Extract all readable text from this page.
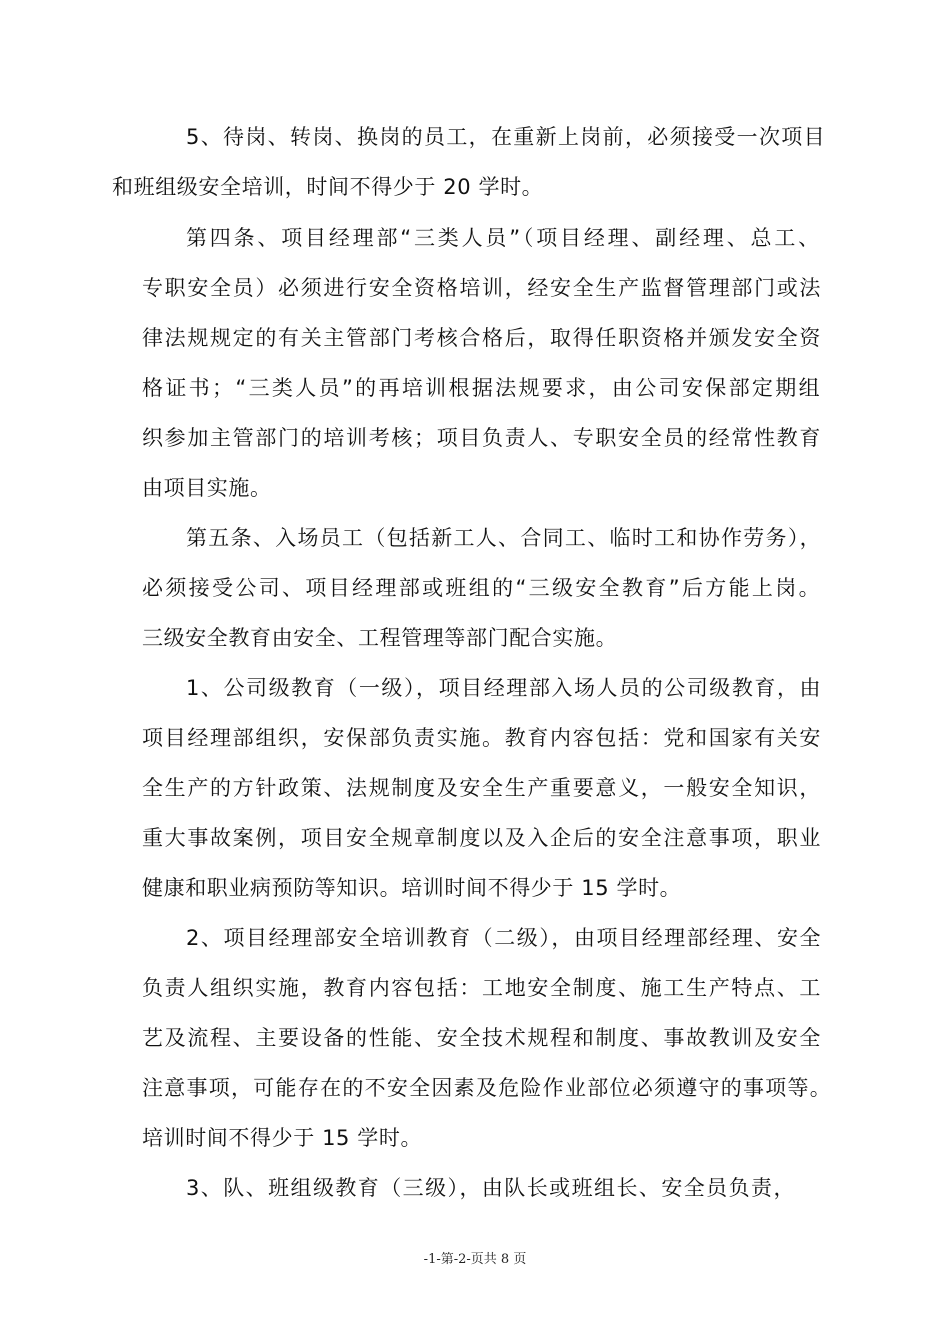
5、待岗、转岗、换岗的员工，在重新上岗前，必须接受一次项目
和班组级安全培训，时间不得少于 20 学时。
第四条、项目经理部“三类人员”（项目经理、副经理、总工、
专职安全员）必须进行安全资格培训，经安全生产监督管理部门或法
律法规规定的有关主管部门考核合格后，取得任职资格并颁发安全资
格证书；“三类人员”的再培训根据法规要求，由公司安保部定期组
织参加主管部门的培训考核；项目负责人、专职安全员的经常性教育
由项目实施。
第五条、入场员工（包括新工人、合同工、临时工和协作劳务），
必须接受公司、项目经理部或班组的“三级安全教育”后方能上岗。
三级安全教育由安全、工程管理等部门配合实施。
1、公司级教育（一级），项目经理部入场人员的公司级教育，由
项目经理部组织，安保部负责实施。教育内容包括：党和国家有关安
全生产的方针政策、法规制度及安全生产重要意义，一般安全知识，
重大事故案例，项目安全规章制度以及入企后的安全注意事项，职业
健康和职业病预防等知识。培训时间不得少于 15 学时。
2、项目经理部安全培训教育（二级），由项目经理部经理、安全
负责人组织实施，教育内容包括：工地安全制度、施工生产特点、工
艺及流程、主要设备的性能、安全技术规程和制度、事故教训及安全
注意事项，可能存在的不安全因素及危险作业部位必须遵守的事项等。
培训时间不得少于 15 学时。
3、队、班组级教育（三级），由队长或班组长、安全员负责，
-1-第-2-页共 8 页
